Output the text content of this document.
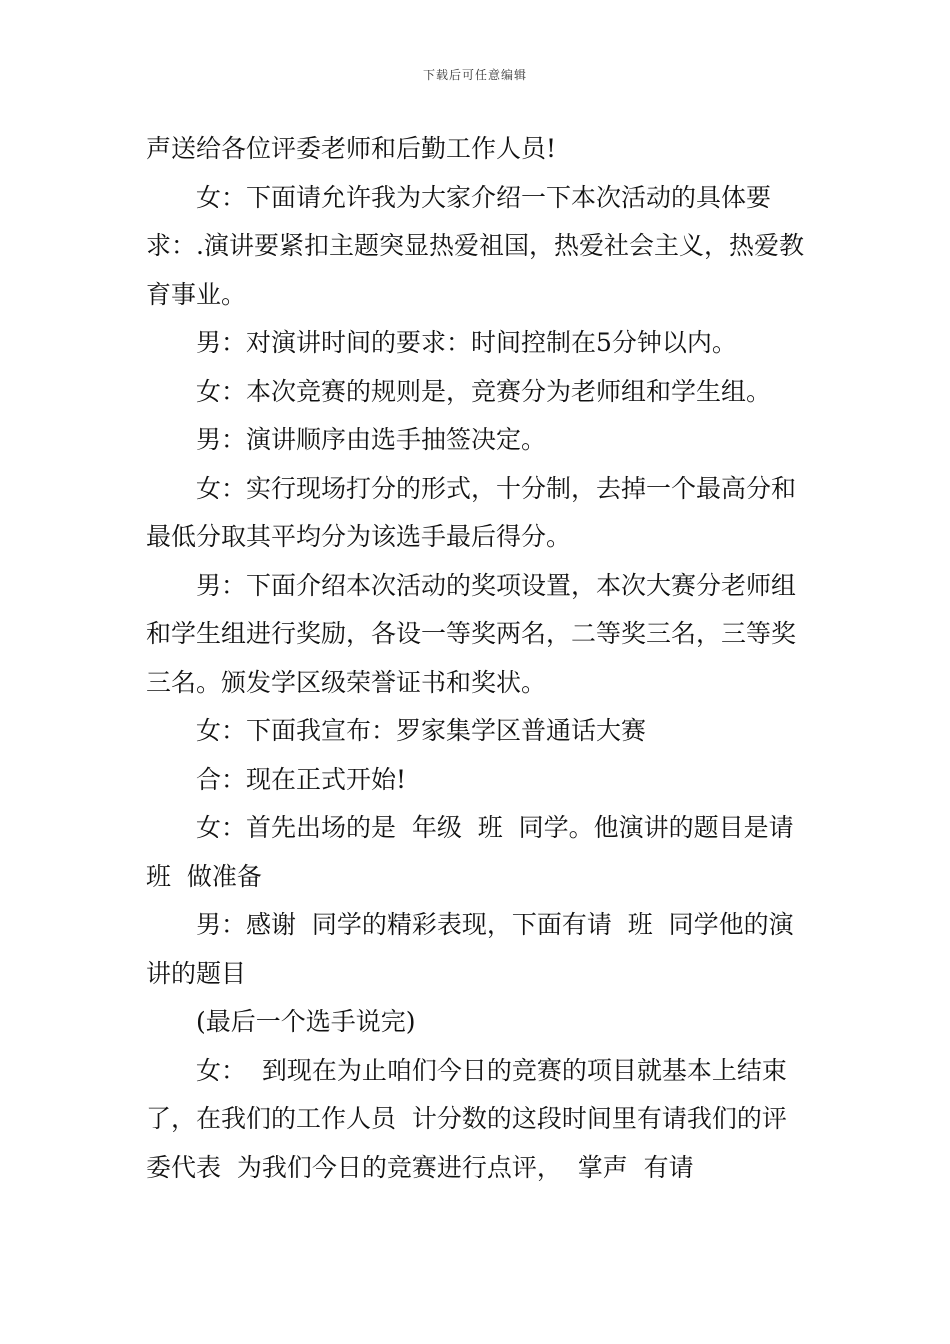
下载后可任意编辑

声送给各位评委老师和后勤工作人员!

女：下面请允许我为大家介绍一下本次活动的具体要求：.演讲要紧扣主题突显热爱祖国，热爱社会主义，热爱教育事业。

男：对演讲时间的要求：时间控制在5分钟以内。

女：本次竞赛的规则是，竞赛分为老师组和学生组。

男：演讲顺序由选手抽签决定。

女：实行现场打分的形式，十分制，去掉一个最高分和最低分取其平均分为该选手最后得分。

男：下面介绍本次活动的奖项设置，本次大赛分老师组和学生组进行奖励，各设一等奖两名，二等奖三名，三等奖三名。颁发学区级荣誉证书和奖状。

女：下面我宣布：罗家集学区普通话大赛

合：现在正式开始!

女：首先出场的是  年级  班  同学。他演讲的题目是请班  做准备

男：感谢  同学的精彩表现，下面有请  班  同学他的演讲的题目

(最后一个选手说完)

女：  到现在为止咱们今日的竞赛的项目就基本上结束了，在我们的工作人员  计分数的这段时间里有请我们的评委代表  为我们今日的竞赛进行点评，  掌声  有请
